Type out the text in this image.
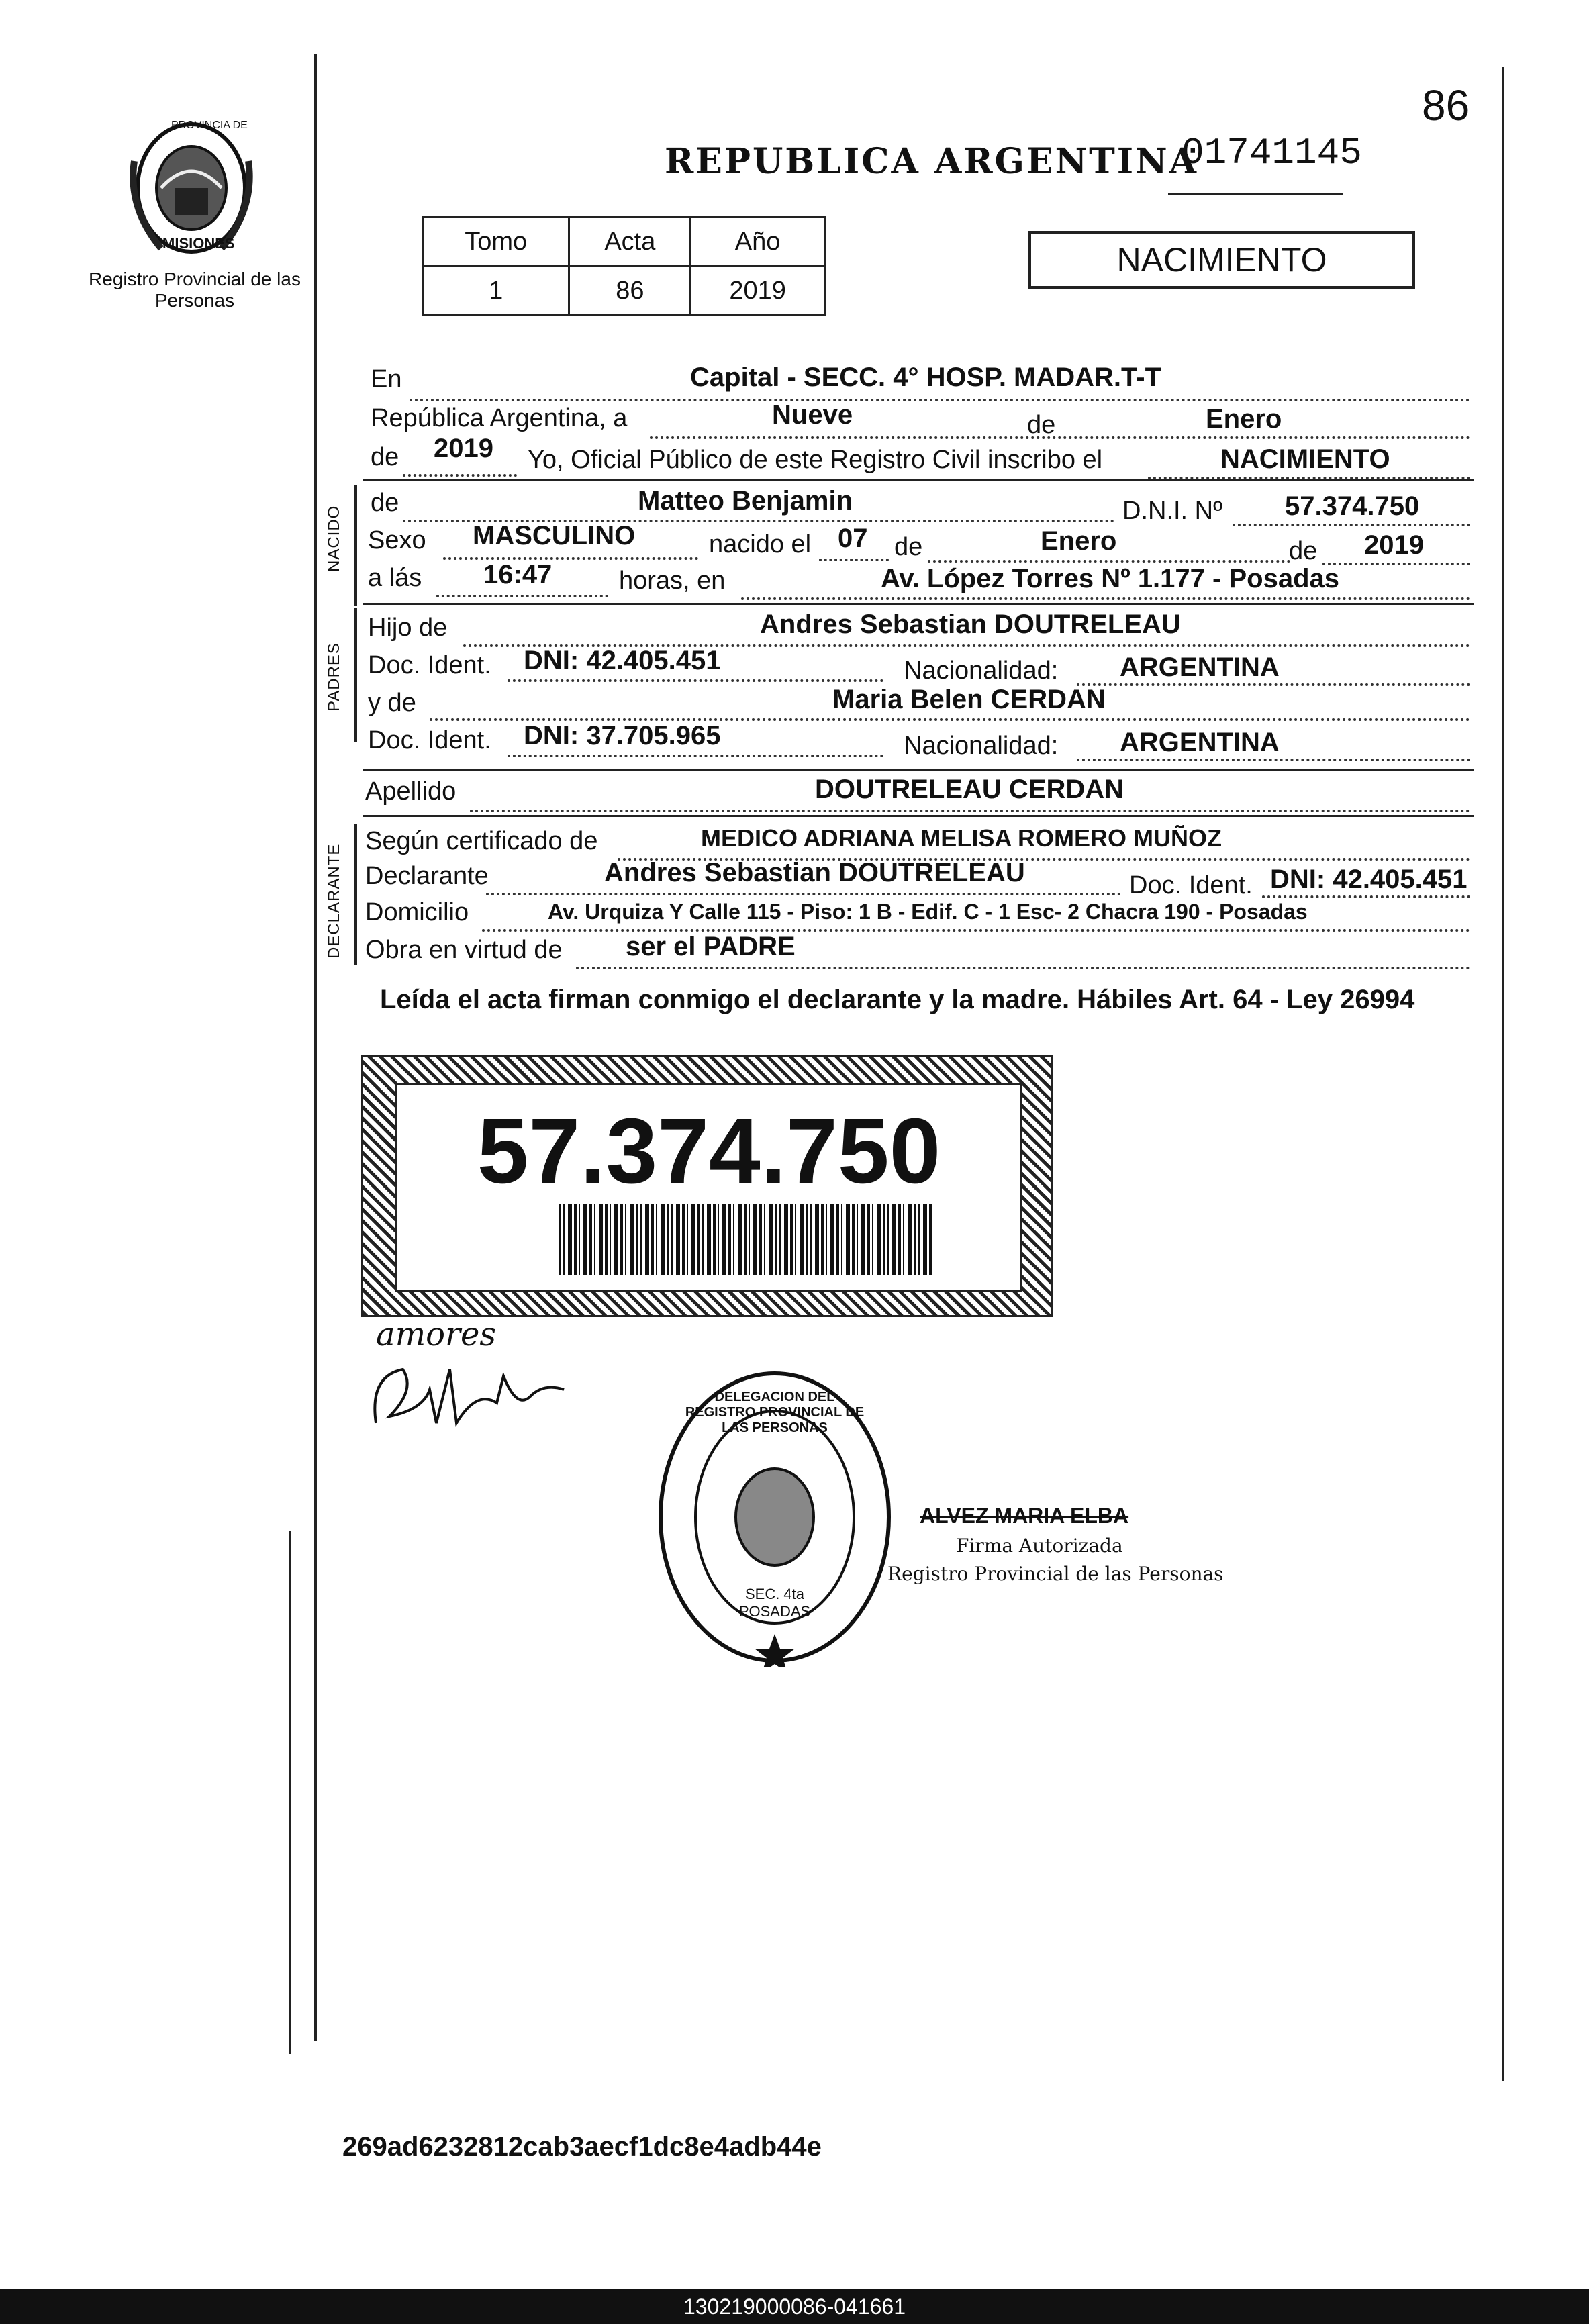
86
PROVINCIA DE
MISIONES
Registro Provincial de las Personas
REPUBLICA ARGENTINA
01741145
Tomo	Acta	Año
1	86	2019
NACIMIENTO
NACIDO
PADRES
DECLARANTE
En	Capital - SECC. 4° HOSP. MADAR.T-T
República Argentina, a	Nueve	de	Enero
de 2019 Yo, Oficial Público de este Registro Civil inscribo el	NACIMIENTO
de	Matteo Benjamin	D.N.I. Nº 57.374.750
Sexo MASCULINO	nacido el 07 de	Enero	de 2019
a lás 16:47	horas, en	Av. López Torres Nº 1.177 - Posadas
Hijo de	Andres Sebastian DOUTRELEAU
Doc. Ident. DNI: 42.405.451	Nacionalidad: ARGENTINA
y de	Maria Belen CERDAN
Doc. Ident. DNI: 37.705.965	Nacionalidad: ARGENTINA
Apellido	DOUTRELEAU CERDAN
Según certificado de	MEDICO ADRIANA MELISA ROMERO MUÑOZ
Declarante	Andres Sebastian DOUTRELEAU	Doc. Ident. DNI: 42.405.451
Domicilio	Av. Urquiza Y Calle 115 - Piso: 1 B - Edif. C - 1 Esc- 2 Chacra 190 - Posadas
Obra en virtud de ser el PADRE
Leída el acta firman conmigo el declarante y la madre. Hábiles Art. 64 - Ley 26994
57.374.750
amores
DELEGACION DEL REGISTRO PROVINCIAL DE LAS PERSONAS
SEC. 4ta POSADAS
ALVEZ MARIA ELBA
Firma Autorizada
Registro Provincial de las Personas
269ad6232812cab3aecf1dc8e4adb44e
130219000086-041661
